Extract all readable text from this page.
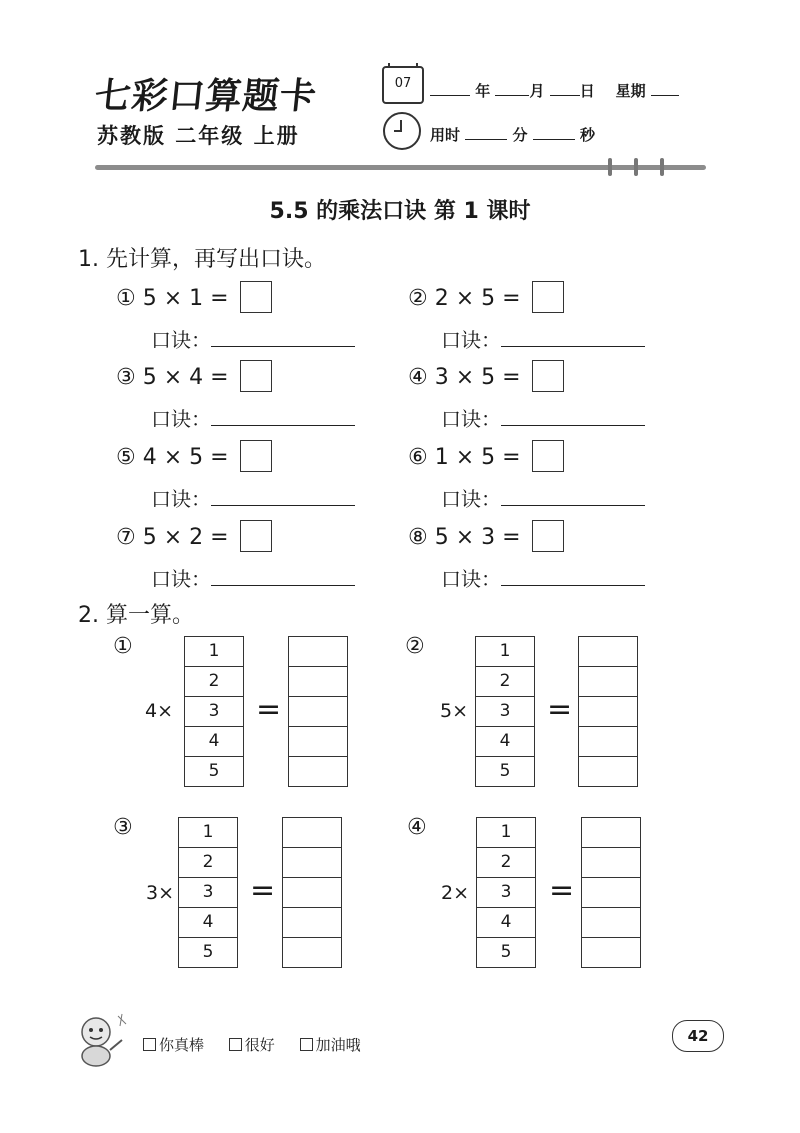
七彩口算题卡
苏教版 二年级 上册
07	年	月 日 星期
用时	分	秒
5.5 的乘法口诀 第 1 课时
1. 先计算，再写出口诀。
① 5 × 1 =	② 2 × 5 =
口诀：	口诀：
③ 5 × 4 =	④ 3 × 5 =
口诀：	口诀：
⑤ 4 × 5 =	⑥ 1 × 5 =
口诀：	口诀：
⑦ 5 × 2 =	⑧ 5 × 3 =
口诀：	口诀：
2. 算一算。
①
4×
1
2
3
4
5
=
②
5×
1
2
3
4
5
=
③
3×
1
2
3
4
5
=
④
2×
1
2
3
4
5
=
你真棒	很好	加油哦	42
